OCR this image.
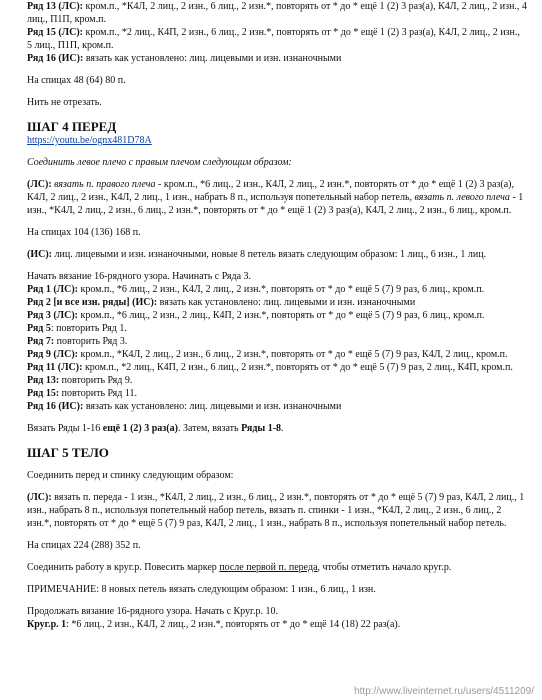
Ряд 13 (ЛС): кром.п., *К4Л, 2 лиц., 2 изн., 6 лиц., 2 изн.*, повторять от * до * ещё 1 (2) 3 раз(а), К4Л, 2 лиц., 2 изн., 4 лиц., П1П, кром.п.

Ряд 15 (ЛС): кром.п., *2 лиц., К4П, 2 изн., 6 лиц., 2 изн.*, повторять от * до * ещё 1 (2) 3 раз(а), К4Л, 2 лиц., 2 изн., 5 лиц., П1П, кром.п.

Ряд 16 (ИС): вязать как установлено: лиц. лицевыми и изн. изнаночными

На спицах 48 (64) 80 п.

Нить не отрезать.

ШАГ 4 ПЕРЕД

https://youtu.be/ognx481D78A

Соединить левое плечо с правым плечом следующим образом:

(ЛС): вязать п. правого плеча - кром.п., *6 лиц., 2 изн., К4Л, 2 лиц., 2 изн.*, повторять от * до * ещё 1 (2) 3 раз(а), К4Л, 2 лиц., 2 изн., К4Л, 2 лиц., 1 изн., набрать 8 п., используя попетельный набор петель, вязать п. левого плеча - 1 изн., *К4Л, 2 лиц., 2 изн., 6 лиц., 2 изн.*, повторять от * до * ещё 1 (2) 3 раз(а), К4Л, 2 лиц., 2 изн., 6 лиц., кром.п.

На спицах 104 (136) 168 п.

(ИС): лиц. лицевыми и изн. изнаночными, новые 8 петель вязать следующим образом: 1 лиц., 6 изн., 1 лиц.

Начать вязание 16-рядного узора. Начинать с Ряда 3.

Ряд 1 (ЛС): кром.п., *6 лиц., 2 изн., К4Л, 2 лиц., 2 изн.*, повторять от * до * ещё 5 (7) 9 раз, 6 лиц., кром.п.

Ряд 2 [и все изн. ряды] (ИС): вязать как установлено: лиц. лицевыми и изн. изнаночными

Ряд 3 (ЛС): кром.п., *6 лиц., 2 изн., 2 лиц., К4П, 2 изн.*, повторять от * до * ещё 5 (7) 9 раз, 6 лиц., кром.п.

Ряд 5: повторить Ряд 1.

Ряд 7: повторить Ряд 3.

Ряд 9 (ЛС): кром.п., *К4Л, 2 лиц., 2 изн., 6 лиц., 2 изн.*, повторять от * до * ещё 5 (7) 9 раз, К4Л, 2 лиц., кром.п.

Ряд 11 (ЛС): кром.п., *2 лиц., К4П, 2 изн., 6 лиц., 2 изн.*, повторять от * до * ещё 5 (7) 9 раз, 2 лиц., К4П, кром.п.

Ряд 13: повторить Ряд 9.

Ряд 15: повторить Ряд 11.

Ряд 16 (ИС): вязать как установлено: лиц. лицевыми и изн. изнаночными

Вязать Ряды 1-16 ещё 1 (2) 3 раз(а). Затем, вязать Ряды 1-8.

ШАГ 5 ТЕЛО

Соединить перед и спинку следующим образом:

(ЛС): вязать п. переда - 1 изн., *К4Л, 2 лиц., 2 изн., 6 лиц., 2 изн.*, повторять от * до * ещё 5 (7) 9 раз, К4Л, 2 лиц., 1 изн., набрать 8 п., используя попетельный набор петель, вязать п. спинки - 1 изн., *К4Л, 2 лиц., 2 изн., 6 лиц., 2 изн.*, повторять от * до * ещё 5 (7) 9 раз, К4Л, 2 лиц., 1 изн., набрать 8 п., используя попетельный набор петель.

На спицах 224 (288) 352 п.

Соединить работу в круг.р. Повесить маркер после первой п. переда, чтобы отметить начало круг.р.

ПРИМЕЧАНИЕ: 8 новых петель вязать следующим образом: 1 изн., 6 лиц., 1 изн.

Продолжать вязание 16-рядного узора. Начать с Круг.р. 10.

Круг.р. 1: *6 лиц., 2 изн., К4Л, 2 лиц., 2 изн.*, повторять от * до * ещё 14 (18) 22 раз(а).

http://www.liveinternet.ru/users/4511209/
